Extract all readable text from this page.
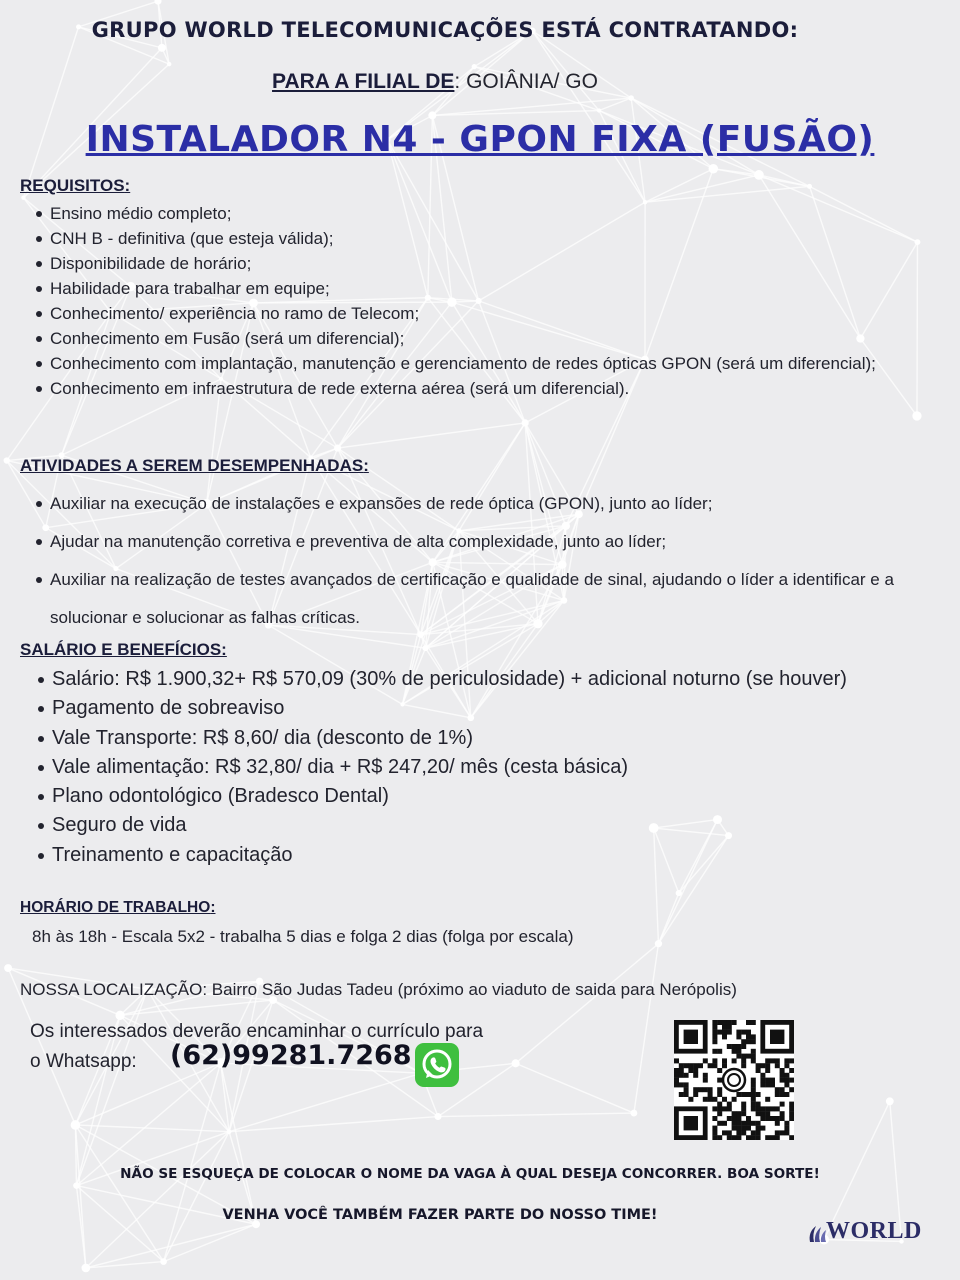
GRUPO WORLD TELECOMUNICAÇÕES ESTÁ CONTRATANDO:
PARA A FILIAL DE: GOIÂNIA/ GO
INSTALADOR N4 - GPON FIXA (FUSÃO)
REQUISITOS:
Ensino médio completo;
CNH B - definitiva (que esteja válida);
Disponibilidade de horário;
Habilidade para trabalhar em equipe;
Conhecimento/ experiência no ramo de Telecom;
Conhecimento em Fusão (será um diferencial);
Conhecimento com implantação, manutenção e gerenciamento de redes ópticas GPON (será um diferencial);
Conhecimento em infraestrutura de rede externa aérea (será um diferencial).
ATIVIDADES A SEREM DESEMPENHADAS:
Auxiliar na execução de instalações e expansões de rede óptica (GPON), junto ao líder;
Ajudar na manutenção corretiva e preventiva de alta complexidade, junto ao líder;
Auxiliar na realização de testes avançados de certificação e qualidade de sinal, ajudando o líder a identificar e a solucionar e solucionar as falhas críticas.
SALÁRIO E BENEFÍCIOS:
Salário: R$ 1.900,32+ R$ 570,09 (30% de periculosidade) + adicional noturno (se houver)
Pagamento de sobreaviso
Vale Transporte: R$ 8,60/ dia (desconto de 1%)
Vale alimentação: R$ 32,80/ dia + R$ 247,20/ mês (cesta básica)
Plano odontológico (Bradesco Dental)
Seguro de vida
Treinamento e capacitação
HORÁRIO DE TRABALHO:
8h às 18h - Escala 5x2 - trabalha 5 dias e folga 2 dias (folga por escala)
NOSSA LOCALIZAÇÃO: Bairro São Judas Tadeu (próximo ao viaduto de saida para Nerópolis)
Os interessados deverão encaminhar o currículo para
o Whatsapp:	(62)99281.7268
NÃO SE ESQUEÇA DE COLOCAR O NOME DA VAGA À QUAL DESEJA CONCORRER. BOA SORTE!
VENHA VOCÊ TAMBÉM FAZER PARTE DO NOSSO TIME!
WORLD
